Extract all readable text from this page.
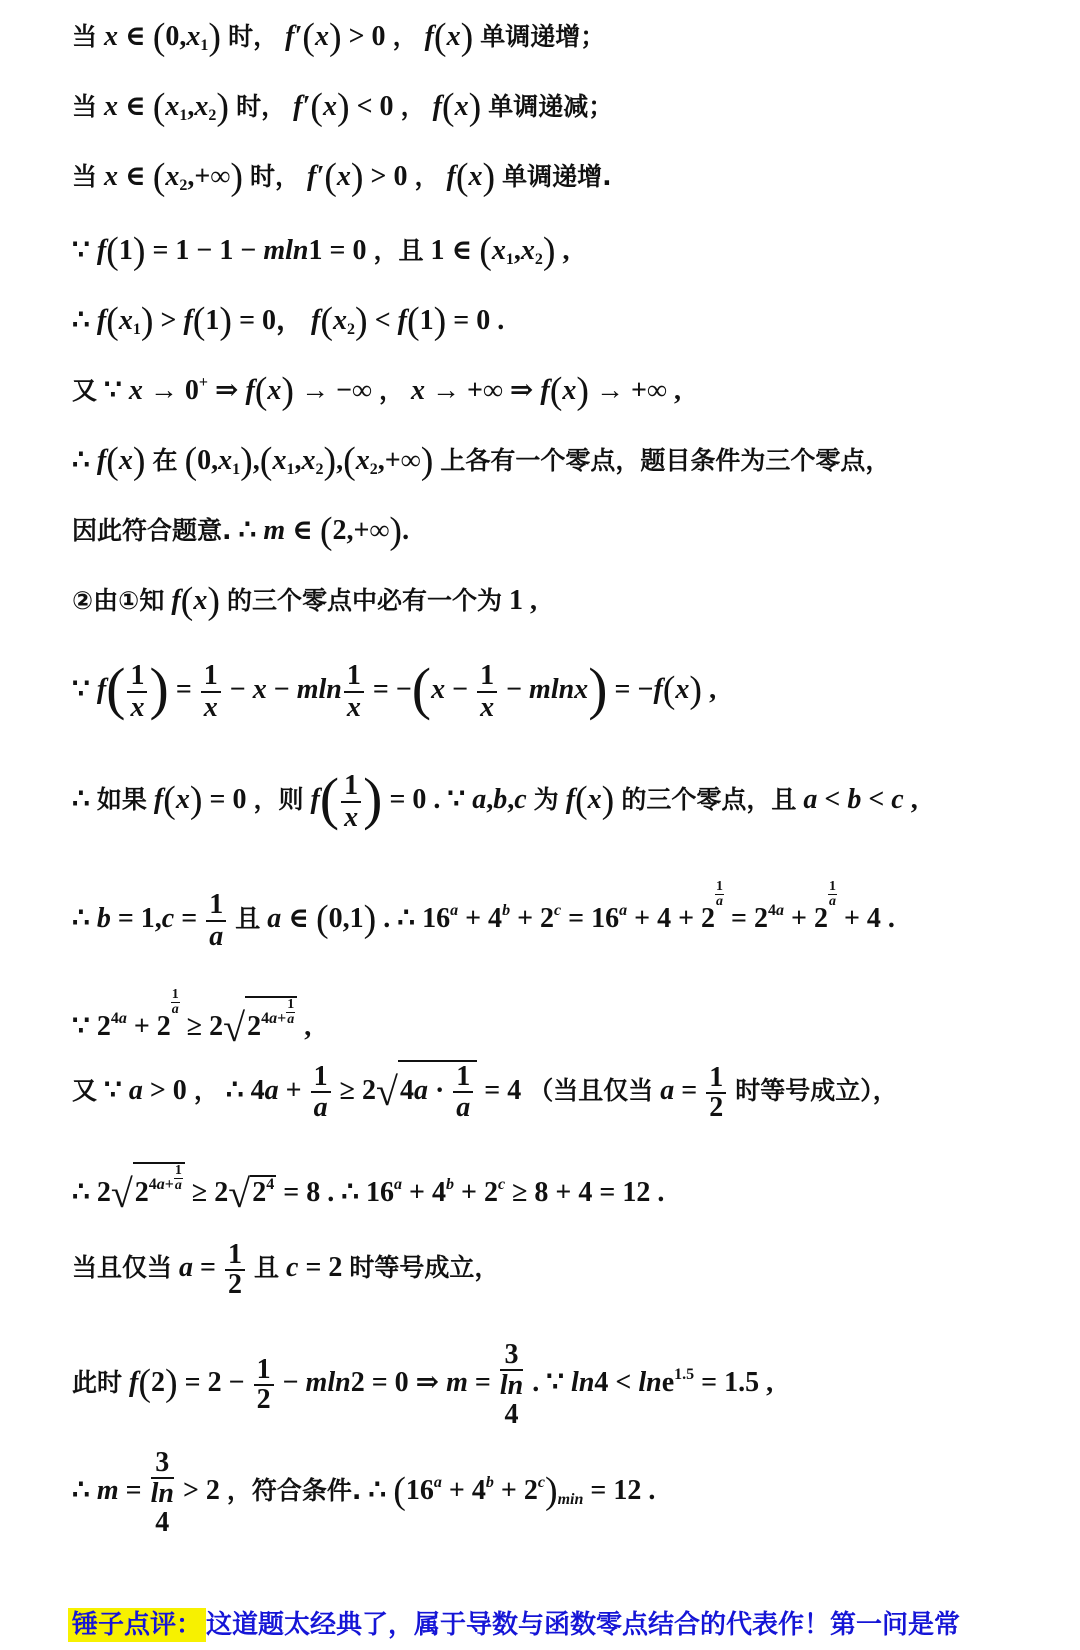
当 x ∈ $(0,x_1)$ 时， f′(x) > 0 ， f(x) 单调递增；
当 x ∈ $(x_1,x_2)$ 时， f′(x) < 0 ， f(x) 单调递减；
当 x ∈ $(x_2,+\infty)$ 时， f′(x) > 0 ， f(x) 单调递增.
∵ f(1) = 1 − 1 − mln1 = 0 ，且 1 ∈ $(x_1,x_2)$ ,
∴ $f(x_1) > f(1) = 0$， $f(x_2) < f(1) = 0$ .
又 ∵ x → 0+ ⇒ f(x) → −∞ ， x → +∞ ⇒ f(x) → +∞ ,
∴ f(x) 在 $(0,x_1),(x_1,x_2),(x_2,+\infty)$ 上各有一个零点，题目条件为三个零点，
因此符合题意. ∴ m ∈ (2,+∞).
②由①知 f(x) 的三个零点中必有一个为 1 ,
∵ $f( \frac{1}{x}$ ) = $\frac{1}{x} - x - mln \frac{1}{x} = -(x - \frac{1}{x} - mlnx) = -f(x)$ ,
∴ 如果 f(x) = 0 ，则 $f( \frac{1}{x}$ ) = 0 . ∵ a,b,c 为 f(x) 的三个零点，且 a < b < c ,
∴ $b = 1,c = \frac{1}{a}$ 且 a ∈ (0,1) . ∴ $16^a + 4^b + 2^c = 16^a + 4 + 2$
$\frac{1}{a}$
= $2^{4a} + 2$
$\frac{1}{a}$
+ 4 .
∵ $2^{4a} + 2$
$\frac{1}{a}$
≥ $2√2^{4a+ \frac{1}{a}}$ ,
又 ∵ a > 0 ， ∴ $4a + \frac{1}{a} \ge 2√4a \cdot \frac{1}{a} = 4$ （当且仅当 a = 1
2 时等号成立），
∴ $2√2^{4a+ \frac{1}{a}} \ge 2√2^4 = 8$ . ∴ $16^a + 4^b + 2^c \ge 8 + 4 = 12$ .
当且仅当 a = 1
2 且 c = 2 时等号成立，
此时 f(2) = 2 − 1
2 − mln2 = 0 ⇒ m =
3
ln
4 . ∵ ln4 < lne$^{1.5}$ = 1.5 ,
∴ m =
3
ln
4 > 2 ，符合条件. ∴ $(16^a + 4^b + 2^c)_{min} = 12$ .
锤子点评： 这道题太经典了，属于导数与函数零点结合的代表作！第一问是常
